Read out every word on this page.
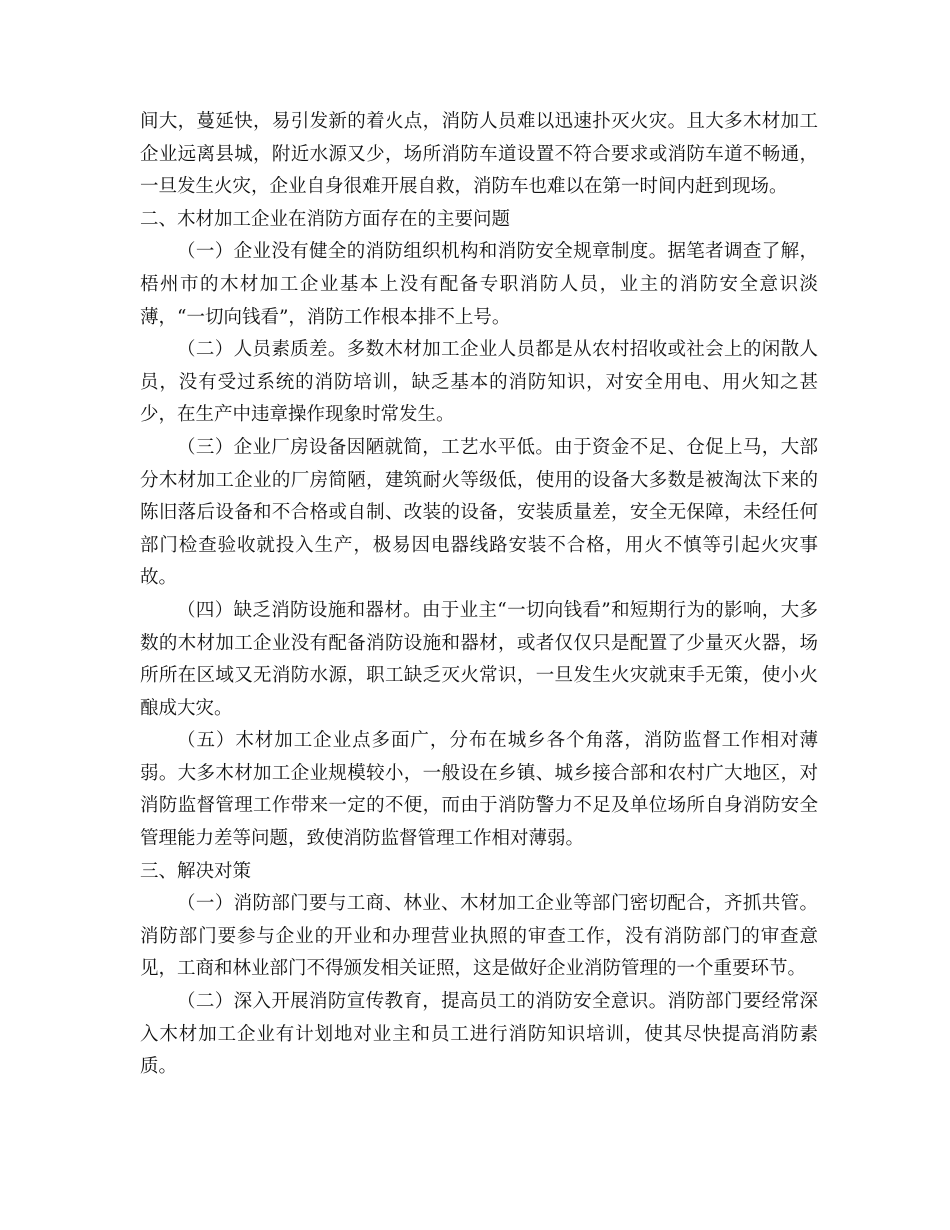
间大，蔓延快，易引发新的着火点，消防人员难以迅速扑灭火灾。且大多木材加工企业远离县城，附近水源又少，场所消防车道设置不符合要求或消防车道不畅通，一旦发生火灾，企业自身很难开展自救，消防车也难以在第一时间内赶到现场。

二、木材加工企业在消防方面存在的主要问题

（一）企业没有健全的消防组织机构和消防安全规章制度。据笔者调查了解，梧州市的木材加工企业基本上没有配备专职消防人员，业主的消防安全意识淡薄，“一切向钱看”，消防工作根本排不上号。

（二）人员素质差。多数木材加工企业人员都是从农村招收或社会上的闲散人员，没有受过系统的消防培训，缺乏基本的消防知识，对安全用电、用火知之甚少，在生产中违章操作现象时常发生。

（三）企业厂房设备因陋就简，工艺水平低。由于资金不足、仓促上马，大部分木材加工企业的厂房简陋，建筑耐火等级低，使用的设备大多数是被淘汰下来的陈旧落后设备和不合格或自制、改装的设备，安装质量差，安全无保障，未经任何部门检查验收就投入生产，极易因电器线路安装不合格，用火不慎等引起火灾事故。

（四）缺乏消防设施和器材。由于业主“一切向钱看”和短期行为的影响，大多数的木材加工企业没有配备消防设施和器材，或者仅仅只是配置了少量灭火器，场所所在区域又无消防水源，职工缺乏灭火常识，一旦发生火灾就束手无策，使小火酿成大灾。

（五）木材加工企业点多面广，分布在城乡各个角落，消防监督工作相对薄弱。大多木材加工企业规模较小，一般设在乡镇、城乡接合部和农村广大地区，对消防监督管理工作带来一定的不便，而由于消防警力不足及单位场所自身消防安全管理能力差等问题，致使消防监督管理工作相对薄弱。

三、解决对策

（一）消防部门要与工商、林业、木材加工企业等部门密切配合，齐抓共管。消防部门要参与企业的开业和办理营业执照的审查工作，没有消防部门的审查意见，工商和林业部门不得颁发相关证照，这是做好企业消防管理的一个重要环节。

（二）深入开展消防宣传教育，提高员工的消防安全意识。消防部门要经常深入木材加工企业有计划地对业主和员工进行消防知识培训，使其尽快提高消防素质。
